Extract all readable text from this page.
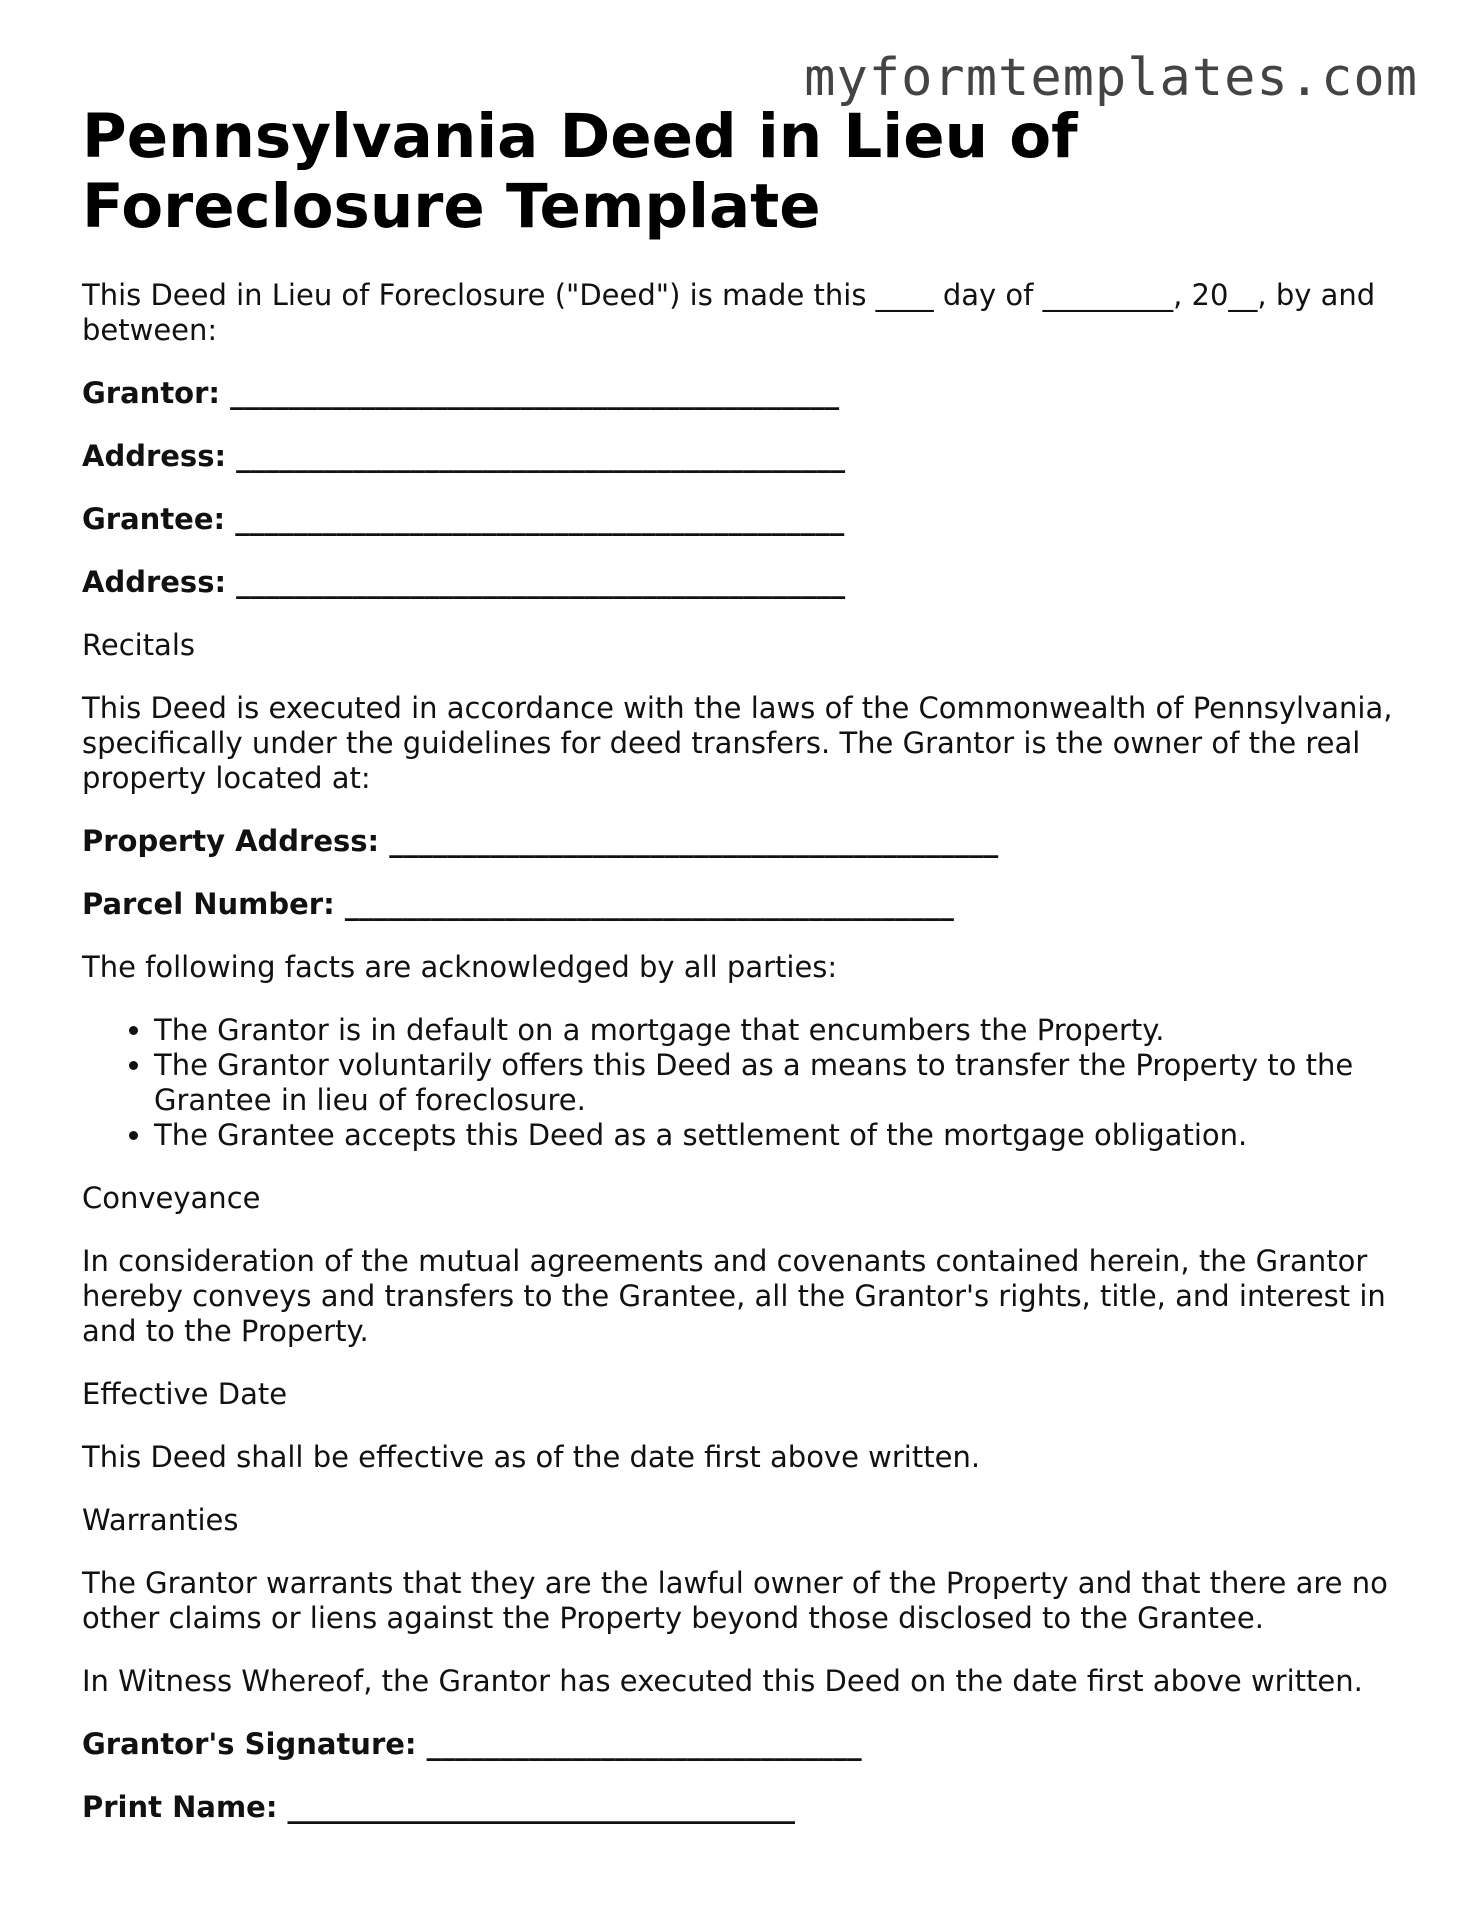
myformtemplates.com
Pennsylvania Deed in Lieu of Foreclosure Template

This Deed in Lieu of Foreclosure ("Deed") is made this ____ day of _________, 20__, by and between:

Grantor: __________________________________________

Address: __________________________________________

Grantee: __________________________________________

Address: __________________________________________

Recitals

This Deed is executed in accordance with the laws of the Commonwealth of Pennsylvania, specifically under the guidelines for deed transfers. The Grantor is the owner of the real property located at:

Property Address: __________________________________________

Parcel Number: __________________________________________

The following facts are acknowledged by all parties:

• The Grantor is in default on a mortgage that encumbers the Property.
• The Grantor voluntarily offers this Deed as a means to transfer the Property to the Grantee in lieu of foreclosure.
• The Grantee accepts this Deed as a settlement of the mortgage obligation.

Conveyance

In consideration of the mutual agreements and covenants contained herein, the Grantor hereby conveys and transfers to the Grantee, all the Grantor's rights, title, and interest in and to the Property.

Effective Date

This Deed shall be effective as of the date first above written.

Warranties

The Grantor warrants that they are the lawful owner of the Property and that there are no other claims or liens against the Property beyond those disclosed to the Grantee.

In Witness Whereof, the Grantor has executed this Deed on the date first above written.

Grantor's Signature: ______________________________

Print Name: ___________________________________
